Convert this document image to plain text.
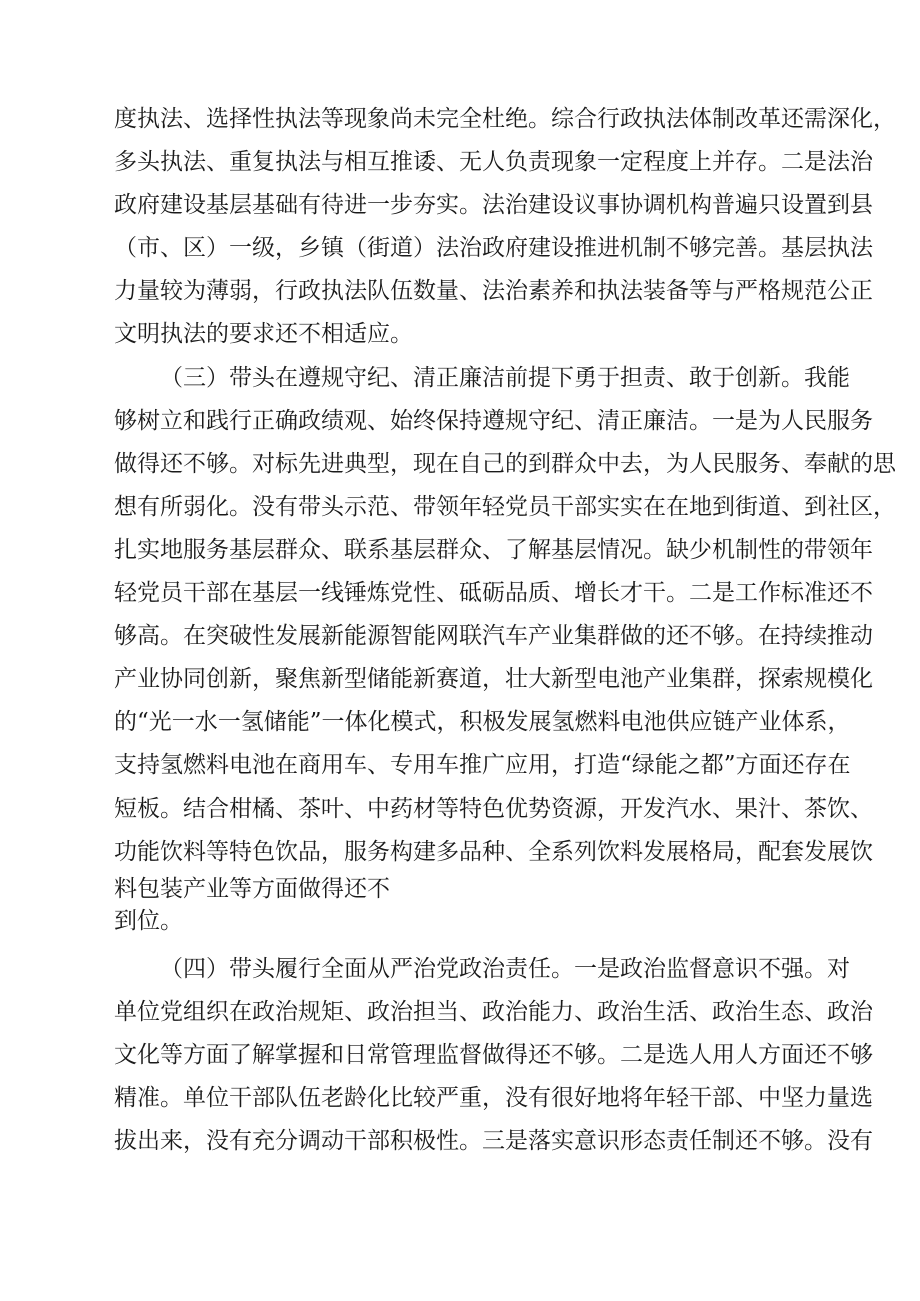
度执法、选择性执法等现象尚未完全杜绝。综合行政执法体制改革还需深化，
多头执法、重复执法与相互推诿、无人负责现象一定程度上并存。二是法治
政府建设基层基础有待进一步夯实。法治建设议事协调机构普遍只设置到县
（市、区）一级，乡镇（街道）法治政府建设推进机制不够完善。基层执法
力量较为薄弱，行政执法队伍数量、法治素养和执法装备等与严格规范公正
文明执法的要求还不相适应。
（三）带头在遵规守纪、清正廉洁前提下勇于担责、敢于创新。我能
够树立和践行正确政绩观、始终保持遵规守纪、清正廉洁。一是为人民服务
做得还不够。对标先进典型，现在自己的到群众中去，为人民服务、奉献的思
想有所弱化。没有带头示范、带领年轻党员干部实实在在地到街道、到社区，
扎实地服务基层群众、联系基层群众、了解基层情况。缺少机制性的带领年
轻党员干部在基层一线锤炼党性、砥砺品质、增长才干。二是工作标准还不
够高。在突破性发展新能源智能网联汽车产业集群做的还不够。在持续推动
产业协同创新，聚焦新型储能新赛道，壮大新型电池产业集群，探索规模化
的“光一水一氢储能”一体化模式，积极发展氢燃料电池供应链产业体系，
支持氢燃料电池在商用车、专用车推广应用，打造“绿能之都”方面还存在
短板。结合柑橘、茶叶、中药材等特色优势资源，开发汽水、果汁、茶饮、
功能饮料等特色饮品，服务构建多品种、全系列饮料发展格局，配套发展饮
料包装产业等方面做得还不
到位。
（四）带头履行全面从严治党政治责任。一是政治监督意识不强。对
单位党组织在政治规矩、政治担当、政治能力、政治生活、政治生态、政治
文化等方面了解掌握和日常管理监督做得还不够。二是选人用人方面还不够
精准。单位干部队伍老龄化比较严重，没有很好地将年轻干部、中坚力量选
拔出来，没有充分调动干部积极性。三是落实意识形态责任制还不够。没有
